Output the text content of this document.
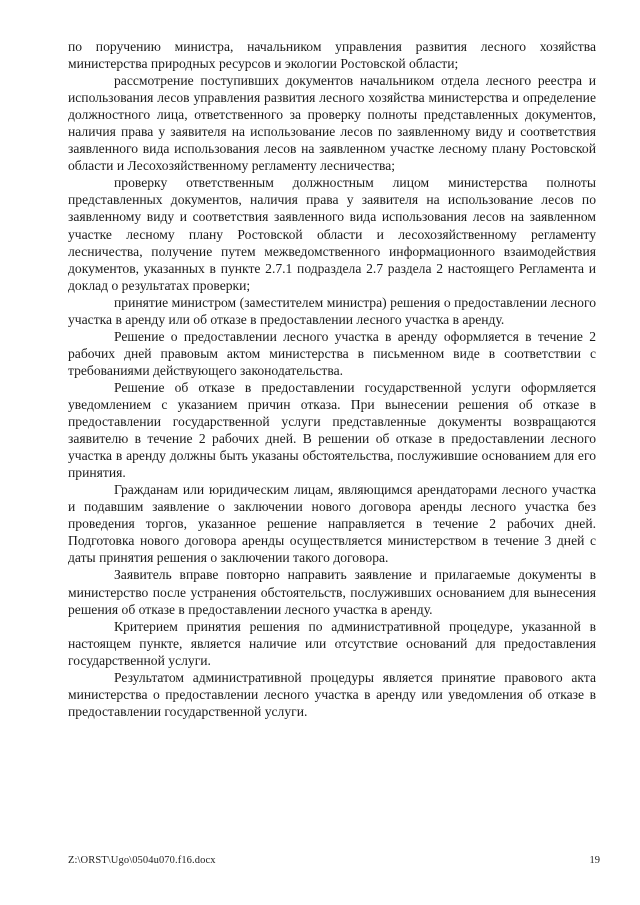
по поручению министра, начальником управления развития лесного хозяйства министерства природных ресурсов и экологии Ростовской области;

рассмотрение поступивших документов начальником отдела лесного реестра и использования лесов управления развития лесного хозяйства министерства и определение должностного лица, ответственного за проверку полноты представленных документов, наличия права у заявителя на использование лесов по заявленному виду и соответствия заявленного вида использования лесов на заявленном участке лесному плану Ростовской области и Лесохозяйственному регламенту лесничества;

проверку ответственным должностным лицом министерства полноты представленных документов, наличия права у заявителя на использование лесов по заявленному виду и соответствия заявленного вида использования лесов на заявленном участке лесному плану Ростовской области и лесохозяйственному регламенту лесничества, получение путем межведомственного информационного взаимодействия документов, указанных в пункте 2.7.1 подраздела 2.7 раздела 2 настоящего Регламента и доклад о результатах проверки;

принятие министром (заместителем министра) решения о предоставлении лесного участка в аренду или об отказе в предоставлении лесного участка в аренду.

Решение о предоставлении лесного участка в аренду оформляется в течение 2 рабочих дней правовым актом министерства в письменном виде в соответствии с требованиями действующего законодательства.

Решение об отказе в предоставлении государственной услуги оформляется уведомлением с указанием причин отказа. При вынесении решения об отказе в предоставлении государственной услуги представленные документы возвращаются заявителю в течение 2 рабочих дней. В решении об отказе в предоставлении лесного участка в аренду должны быть указаны обстоятельства, послужившие основанием для его принятия.

Гражданам или юридическим лицам, являющимся арендаторами лесного участка и подавшим заявление о заключении нового договора аренды лесного участка без проведения торгов, указанное решение направляется в течение 2 рабочих дней. Подготовка нового договора аренды осуществляется министерством в течение 3 дней с даты принятия решения о заключении такого договора.

Заявитель вправе повторно направить заявление и прилагаемые документы в министерство после устранения обстоятельств, послуживших основанием для вынесения решения об отказе в предоставлении лесного участка в аренду.

Критерием принятия решения по административной процедуре, указанной в настоящем пункте, является наличие или отсутствие оснований для предоставления государственной услуги.

Результатом административной процедуры является принятие правового акта министерства о предоставлении лесного участка в аренду или уведомления об отказе в предоставлении государственной услуги.

Z:\ORST\Ugo\0504u070.f16.docx	19
